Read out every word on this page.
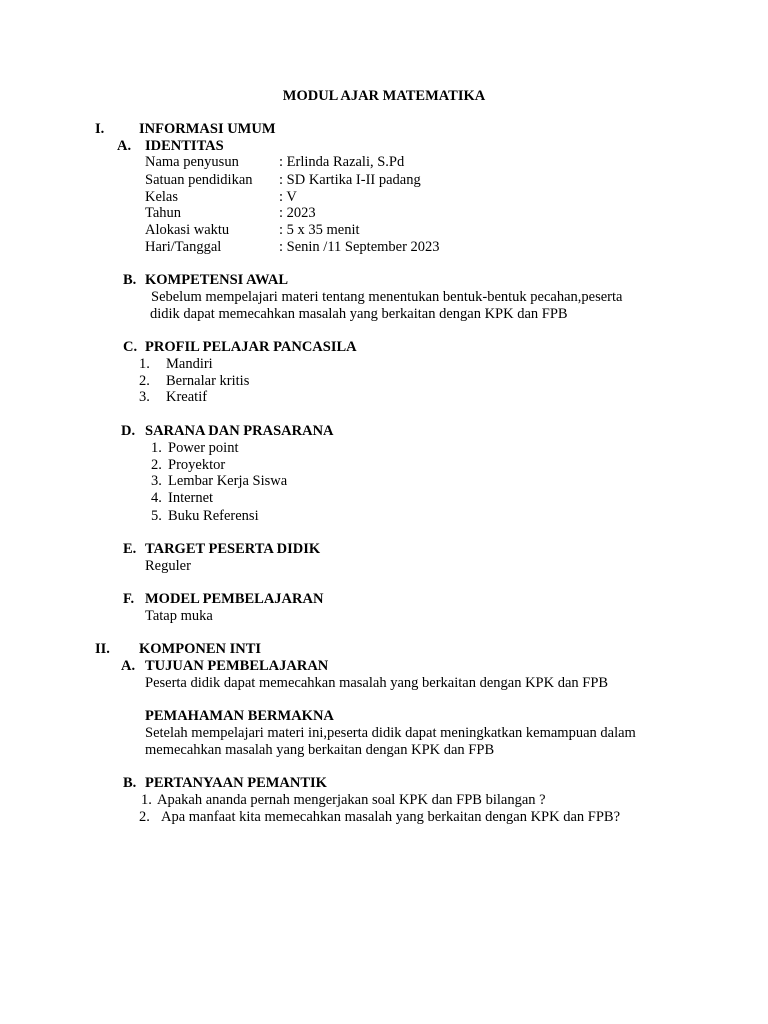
MODUL AJAR MATEMATIKA
I. INFORMASI UMUM
A. IDENTITAS
Nama penyusun	: Erlinda Razali, S.Pd
Satuan pendidikan : SD Kartika I-II padang
Kelas	: V
Tahun	: 2023
Alokasi waktu	: 5 x 35 menit
Hari/Tanggal	: Senin /11 September 2023
B. KOMPETENSI AWAL
Sebelum mempelajari materi tentang menentukan bentuk-bentuk pecahan,peserta
didik dapat memecahkan masalah yang berkaitan dengan KPK dan FPB
C. PROFIL PELAJAR PANCASILA
1. Mandiri
2. Bernalar kritis
3. Kreatif
D. SARANA DAN PRASARANA
1. Power point
2. Proyektor
3. Lembar Kerja Siswa
4. Internet
5. Buku Referensi
E. TARGET PESERTA DIDIK
Reguler
F. MODEL PEMBELAJARAN
Tatap muka
II. KOMPONEN INTI
A. TUJUAN PEMBELAJARAN
Peserta didik dapat memecahkan masalah yang berkaitan dengan KPK dan FPB
PEMAHAMAN BERMAKNA
Setelah mempelajari materi ini,peserta didik dapat meningkatkan kemampuan dalam
memecahkan masalah yang berkaitan dengan KPK dan FPB
B. PERTANYAAN PEMANTIK
1. Apakah ananda pernah mengerjakan soal KPK dan FPB bilangan ?
2. Apa manfaat kita memecahkan masalah yang berkaitan dengan KPK dan FPB?
